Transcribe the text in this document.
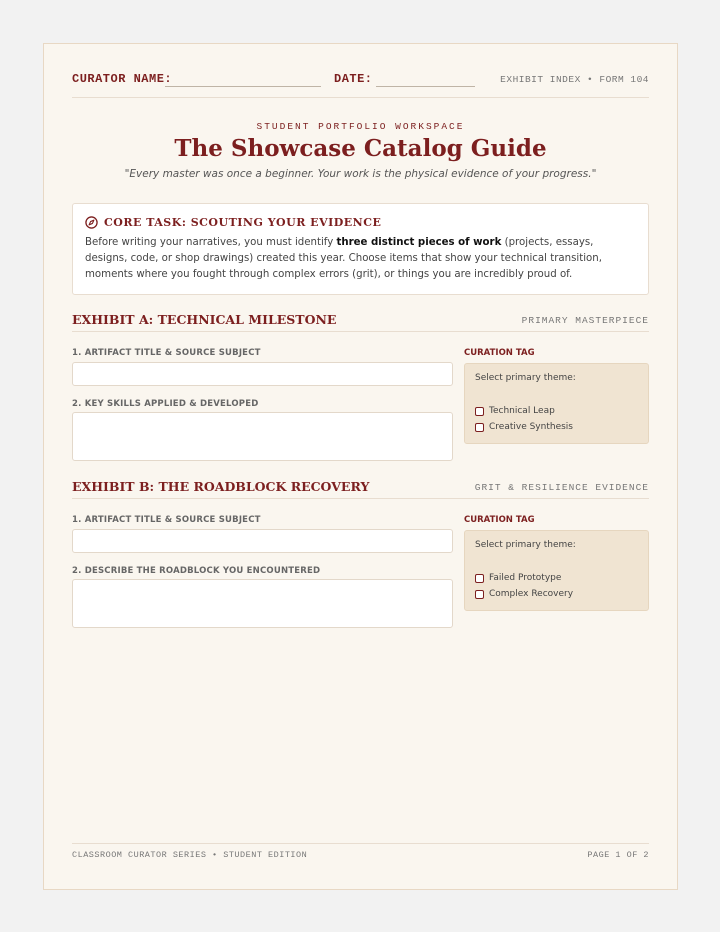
CURATOR NAME:	DATE:	EXHIBIT INDEX • FORM 104
STUDENT PORTFOLIO WORKSPACE
The Showcase Catalog Guide
"Every master was once a beginner. Your work is the physical evidence of your progress."
CORE TASK: SCOUTING YOUR EVIDENCE
Before writing your narratives, you must identify three distinct pieces of work (projects, essays, designs, code, or shop drawings) created this year. Choose items that show your technical transition, moments where you fought through complex errors (grit), or things you are incredibly proud of.
EXHIBIT A: TECHNICAL MILESTONE	PRIMARY MASTERPIECE
1. ARTIFACT TITLE & SOURCE SUBJECT
2. KEY SKILLS APPLIED & DEVELOPED
CURATION TAG
Select primary theme:
Technical Leap
Creative Synthesis
EXHIBIT B: THE ROADBLOCK RECOVERY	GRIT & RESILIENCE EVIDENCE
1. ARTIFACT TITLE & SOURCE SUBJECT
2. DESCRIBE THE ROADBLOCK YOU ENCOUNTERED
CURATION TAG
Select primary theme:
Failed Prototype
Complex Recovery
CLASSROOM CURATOR SERIES • STUDENT EDITION	PAGE 1 OF 2
